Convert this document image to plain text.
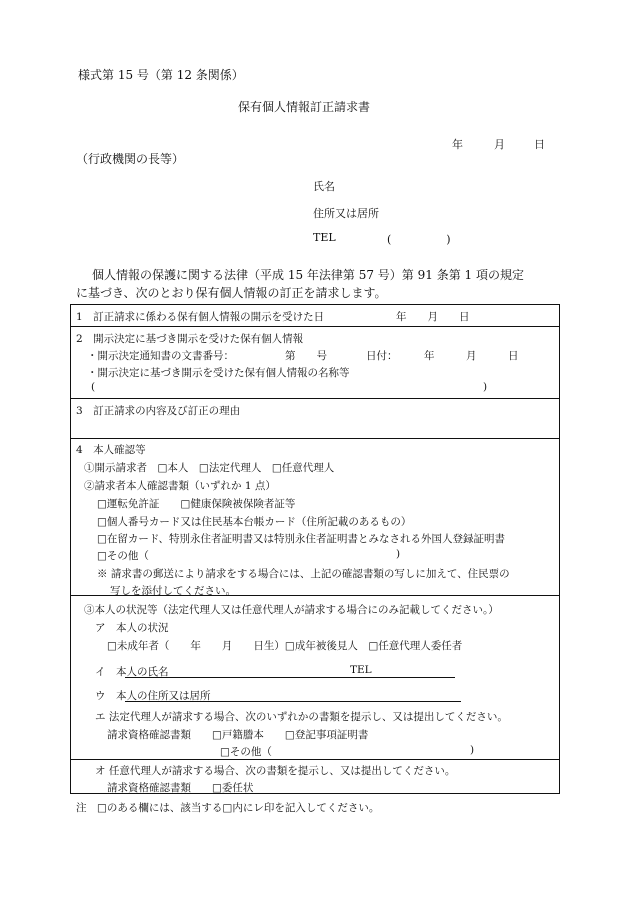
様式第 15 号（第 12 条関係）
保有個人情報訂正請求書
年	月	日
（行政機関の長等）
氏名
住所又は居所
TEL	(　　　　　)
個人情報の保護に関する法律（平成 15 年法律第 57 号）第 91 条第 1 項の規定
に基づき、次のとおり保有個人情報の訂正を請求します。
1　訂正請求に係わる保有個人情報の開示を受けた日	年　　月　　日
2　開示決定に基づき開示を受けた保有個人情報
・開示決定通知書の文書番号：	第　　号	日付：	年　　　月　　　日
・開示決定に基づき開示を受けた保有個人情報の名称等
(	)
3　訂正請求の内容及び訂正の理由
4　本人確認等
①開示請求者　□本人　□法定代理人　□任意代理人
②請求者本人確認書類（いずれか 1 点）
□運転免許証　　□健康保険被保険者証等
□個人番号カード又は住民基本台帳カード（住所記載のあるもの）
□在留カード、特別永住者証明書又は特別永住者証明書とみなされる外国人登録証明書
□その他（	)
※ 請求書の郵送により請求をする場合には、上記の確認書類の写しに加えて、住民票の
写しを添付してください。
③本人の状況等（法定代理人又は任意代理人が請求する場合にのみ記載してください。）
ア　本人の状況
□未成年者（　　年　　月　　日生）□成年被後見人　□任意代理人委任者
イ　本人の氏名	TEL
ウ　本人の住所又は居所
エ 法定代理人が請求する場合、次のいずれかの書類を提示し、又は提出してください。
請求資格確認書類　　□戸籍謄本　　□登記事項証明書
□その他（	)
オ 任意代理人が請求する場合、次の書類を提示し、又は提出してください。
請求資格確認書類　　□委任状
注　□のある欄には、該当する□内にレ印を記入してください。
